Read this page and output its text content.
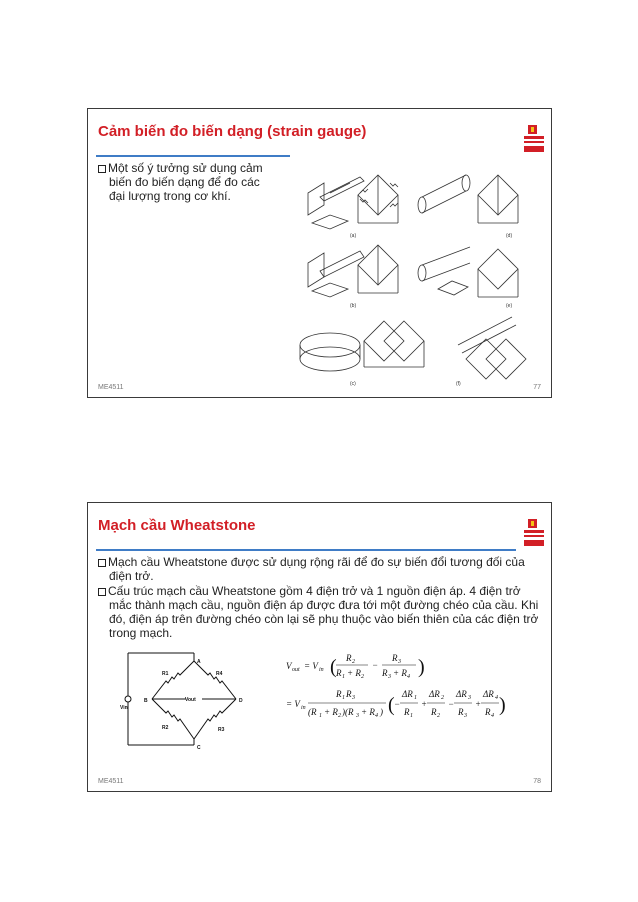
Cảm biến đo biến dạng (strain gauge)
Một số ý tưởng sử dụng cảm biến đo biến dạng để đo các đại lượng trong cơ khí.
(a)
(b)
(c)
(d)
(e)
(f)
ME4511	77
Mạch cầu Wheatstone
Mạch cầu Wheatstone được sử dụng rộng rãi để đo sự biến đổi tương đối của điện trở.
Cấu trúc mạch cầu Wheatstone gồm 4 điện trở và 1 nguồn điện áp. 4 điện trở mắc thành mạch cầu, nguồn điện áp được đưa tới một đường chéo của cầu. Khi đó, điện áp trên đường chéo còn lại sẽ phụ thuộc vào biến thiên của các điện trở trong mạch.
A
B
C
D
R1	R4
R2	R3
Vin
Vout
V out = V in ( R 2
R 1 + R 2
−
R 3
R 3 + R 4 )
= V in
R 1 R 3
(R 1 + R 2 )(R 3 + R 4 ) ( −
ΔR 1
R 1
+
ΔR 2
R 2
−
ΔR 3
R 3
+
ΔR 4
R 4 )
ME4511	78
